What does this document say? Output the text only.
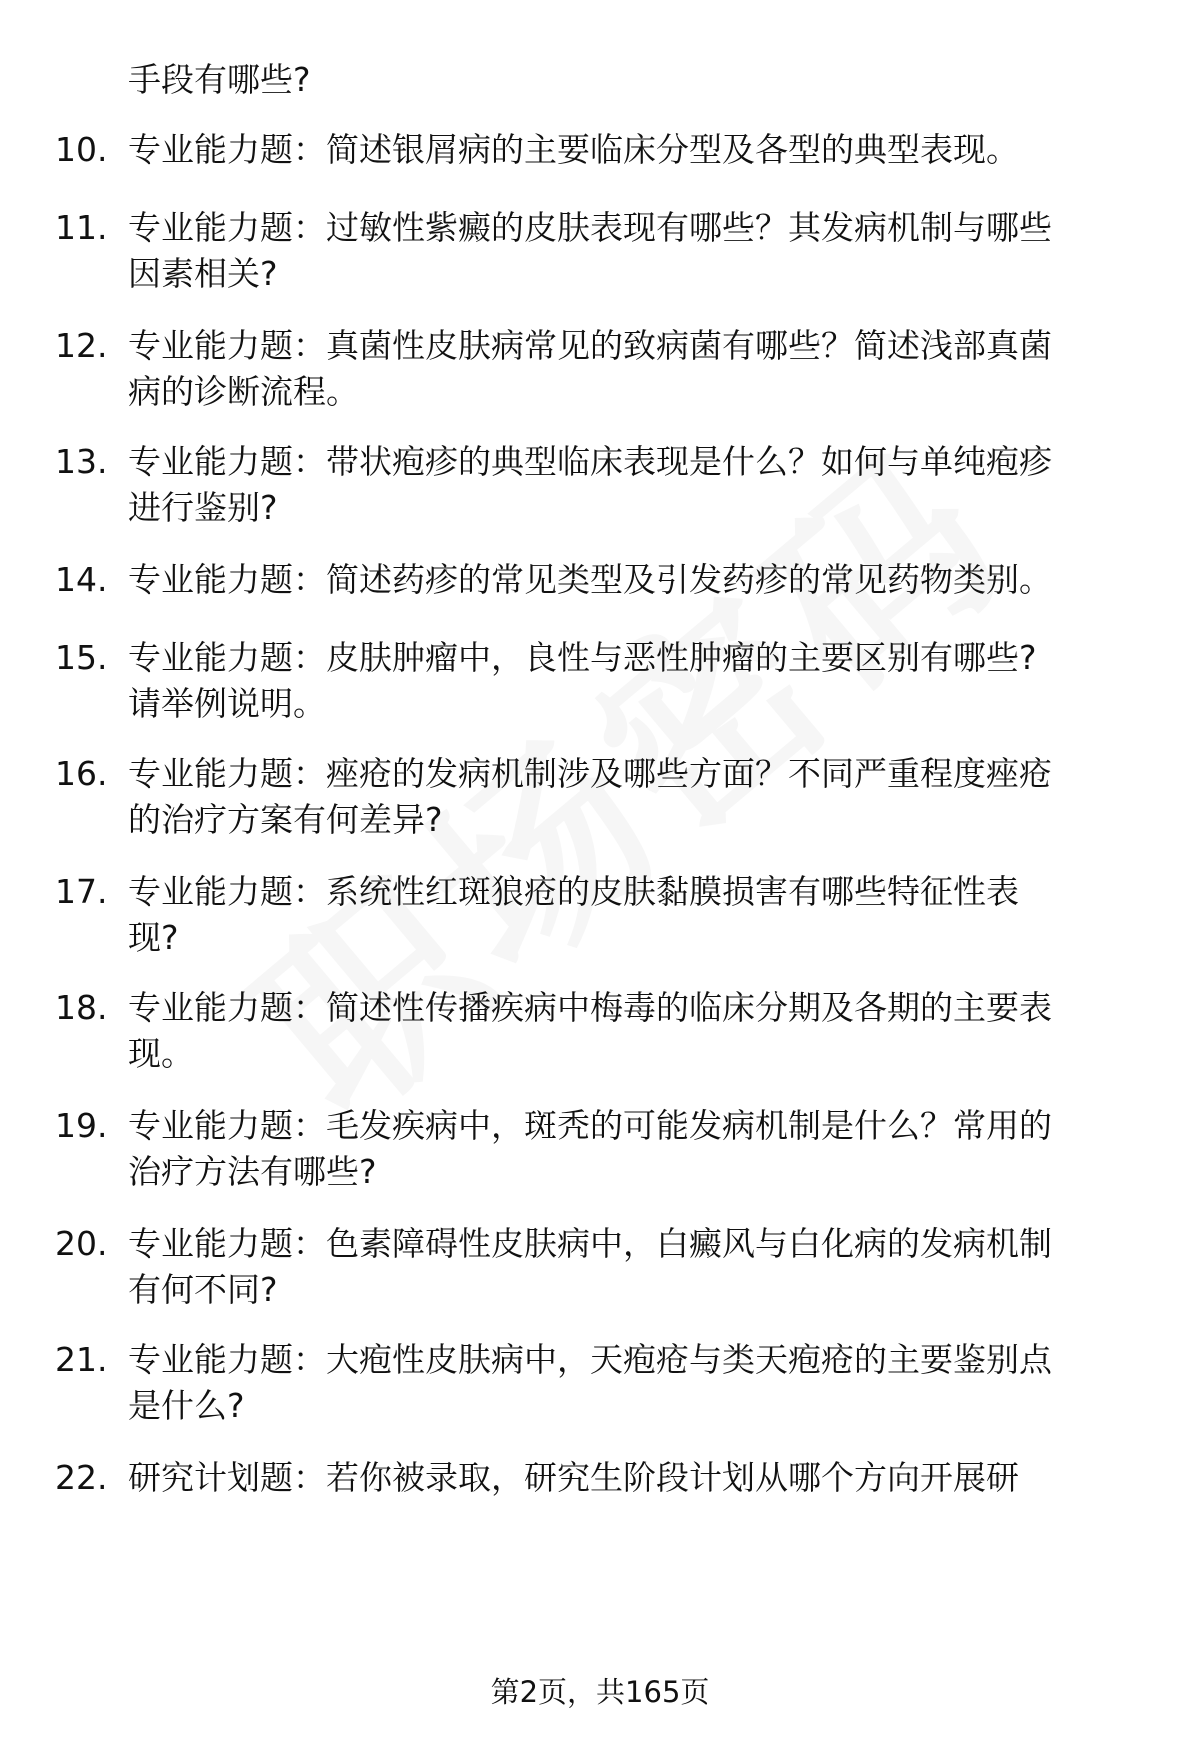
手段有哪些?
10. 专业能力题：简述银屑病的主要临床分型及各型的典型表现。
11. 专业能力题：过敏性紫癜的皮肤表现有哪些？其发病机制与哪些
因素相关?
12. 专业能力题：真菌性皮肤病常见的致病菌有哪些？简述浅部真菌
病的诊断流程。
13. 专业能力题：带状疱疹的典型临床表现是什么？如何与单纯疱疹
进行鉴别?
14. 专业能力题：简述药疹的常见类型及引发药疹的常见药物类别。
15. 专业能力题：皮肤肿瘤中，良性与恶性肿瘤的主要区别有哪些?
请举例说明。
16. 专业能力题：痤疮的发病机制涉及哪些方面？不同严重程度痤疮
的治疗方案有何差异?
17. 专业能力题：系统性红斑狼疮的皮肤黏膜损害有哪些特征性表
现?
18. 专业能力题：简述性传播疾病中梅毒的临床分期及各期的主要表
现。
19. 专业能力题：毛发疾病中，斑秃的可能发病机制是什么？常用的
治疗方法有哪些?
20. 专业能力题：色素障碍性皮肤病中，白癜风与白化病的发病机制
有何不同?
21. 专业能力题：大疱性皮肤病中，天疱疮与类天疱疮的主要鉴别点
是什么?
22. 研究计划题：若你被录取，研究生阶段计划从哪个方向开展研
第2页，共165页
